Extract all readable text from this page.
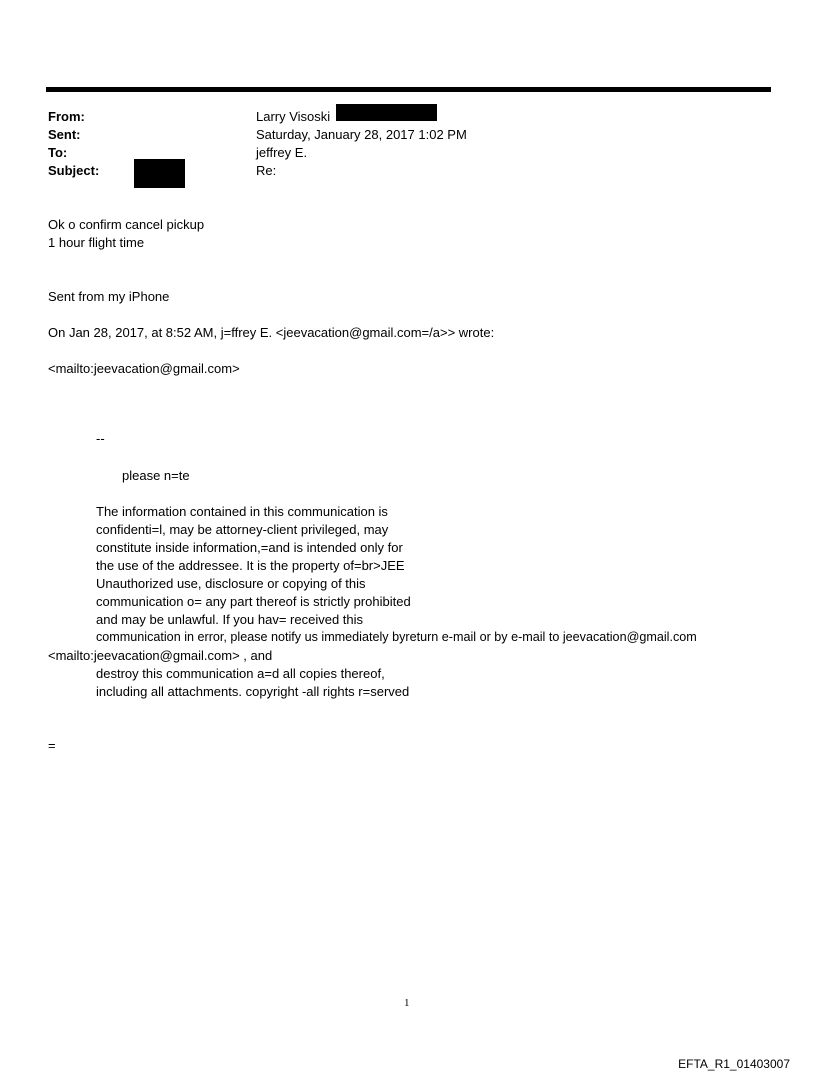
From:	Larry Visoski
Sent:	Saturday, January 28, 2017 1:02 PM
To:	jeffrey E.
Subject:	Re:
Ok o confirm cancel pickup
1 hour flight time
Sent from my iPhone
On Jan 28, 2017, at 8:52 AM, j=ffrey E. <jeevacation@gmail.com=/a>> wrote:
<mailto:jeevacation@gmail.com>
--
please n=te
The information contained in this communication is
confidenti=l, may be attorney-client privileged, may
constitute inside information,=and is intended only for
the use of the addressee. It is the property of=br>JEE
Unauthorized use, disclosure or copying of this
communication o= any part thereof is strictly prohibited
and may be unlawful. If you hav= received this
communication in error, please notify us immediately byreturn e-mail or by e-mail to jeevacation@gmail.com
<mailto:jeevacation@gmail.com> , and
destroy this communication a=d all copies thereof,
including all attachments. copyright -all rights r=served
=
1
EFTA_R1_01403007
